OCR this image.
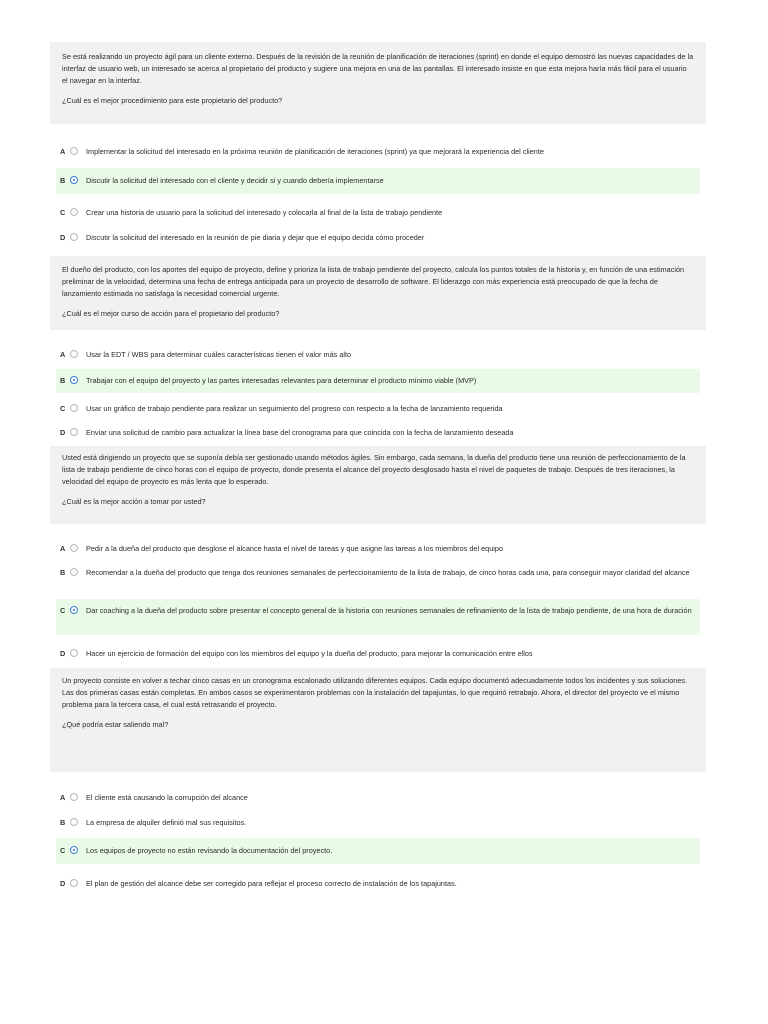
Se está realizando un proyecto ágil para un cliente externo. Después de la revisión de la reunión de planificación de iteraciones (sprint) en donde el equipo demostró las nuevas capacidades de la interfaz de usuario web, un interesado se acerca al propietario del producto y sugiere una mejora en una de las pantallas. El interesado insiste en que esta mejora haría más fácil para el usuario el navegar en la interfaz.

¿Cuál es el mejor procedimiento para este propietario del producto?

A	Implementar la solicitud del interesado en la próxima reunión de planificación de iteraciones (sprint) ya que mejorará la experiencia del cliente
B	Discutir la solicitud del interesado con el cliente y decidir si y cuando debería implementarse
C	Crear una historia de usuario para la solicitud del interesado y colocarla al final de la lista de trabajo pendiente
D	Discutir la solicitud del interesado en la reunión de pie diaria y dejar que el equipo decida cómo proceder

El dueño del producto, con los aportes del equipo de proyecto, define y prioriza la lista de trabajo pendiente del proyecto, calcula los puntos totales de la historia y, en función de una estimación preliminar de la velocidad, determina una fecha de entrega anticipada para un proyecto de desarrollo de software. El liderazgo con más experiencia está preocupado de que la fecha de lanzamiento estimada no satisfaga la necesidad comercial urgente.

¿Cuál es el mejor curso de acción para el propietario del producto?

A	Usar la EDT / WBS para determinar cuáles características tienen el valor más alto
B	Trabajar con el equipo del proyecto y las partes interesadas relevantes para determinar el producto mínimo viable (MVP)
C	Usar un gráfico de trabajo pendiente para realizar un seguimiento del progreso con respecto a la fecha de lanzamiento requerida
D	Enviar una solicitud de cambio para actualizar la línea base del cronograma para que coincida con la fecha de lanzamiento deseada

Usted está dirigiendo un proyecto que se suponía debía ser gestionado usando métodos ágiles. Sin embargo, cada semana, la dueña del producto tiene una reunión de perfeccionamiento de la lista de trabajo pendiente de cinco horas con el equipo de proyecto, donde presenta el alcance del proyecto desglosado hasta el nivel de paquetes de trabajo. Después de tres iteraciones, la velocidad del equipo de proyecto es más lenta que lo esperado.

¿Cuál es la mejor acción a tomar por usted?

A	Pedir a la dueña del producto que desglose el alcance hasta el nivel de tareas y que asigne las tareas a los miembros del equipo
B	Recomendar a la dueña del producto que tenga dos reuniones semanales de perfeccionamiento de la lista de trabajo, de cinco horas cada una, para conseguir mayor claridad del alcance
C	Dar coaching a la dueña del producto sobre presentar el concepto general de la historia con reuniones semanales de refinamiento de la lista de trabajo pendiente, de una hora de duración
D	Hacer un ejercicio de formación del equipo con los miembros del equipo y la dueña del producto, para mejorar la comunicación entre ellos

Un proyecto consiste en volver a techar cinco casas en un cronograma escalonado utilizando diferentes equipos. Cada equipo documentó adecuadamente todos los incidentes y sus soluciones. Las dos primeras casas están completas. En ambos casos se experimentaron problemas con la instalación del tapajuntas, lo que requirió retrabajo. Ahora, el director del proyecto ve el mismo problema para la tercera casa, el cual está retrasando el proyecto.

¿Qué podría estar saliendo mal?

A	El cliente está causando la corrupción del alcance
B	La empresa de alquiler definió mal sus requisitos.
C	Los equipos de proyecto no están revisando la documentación del proyecto.
D	El plan de gestión del alcance debe ser corregido para reflejar el proceso correcto de instalación de los tapajuntas.
